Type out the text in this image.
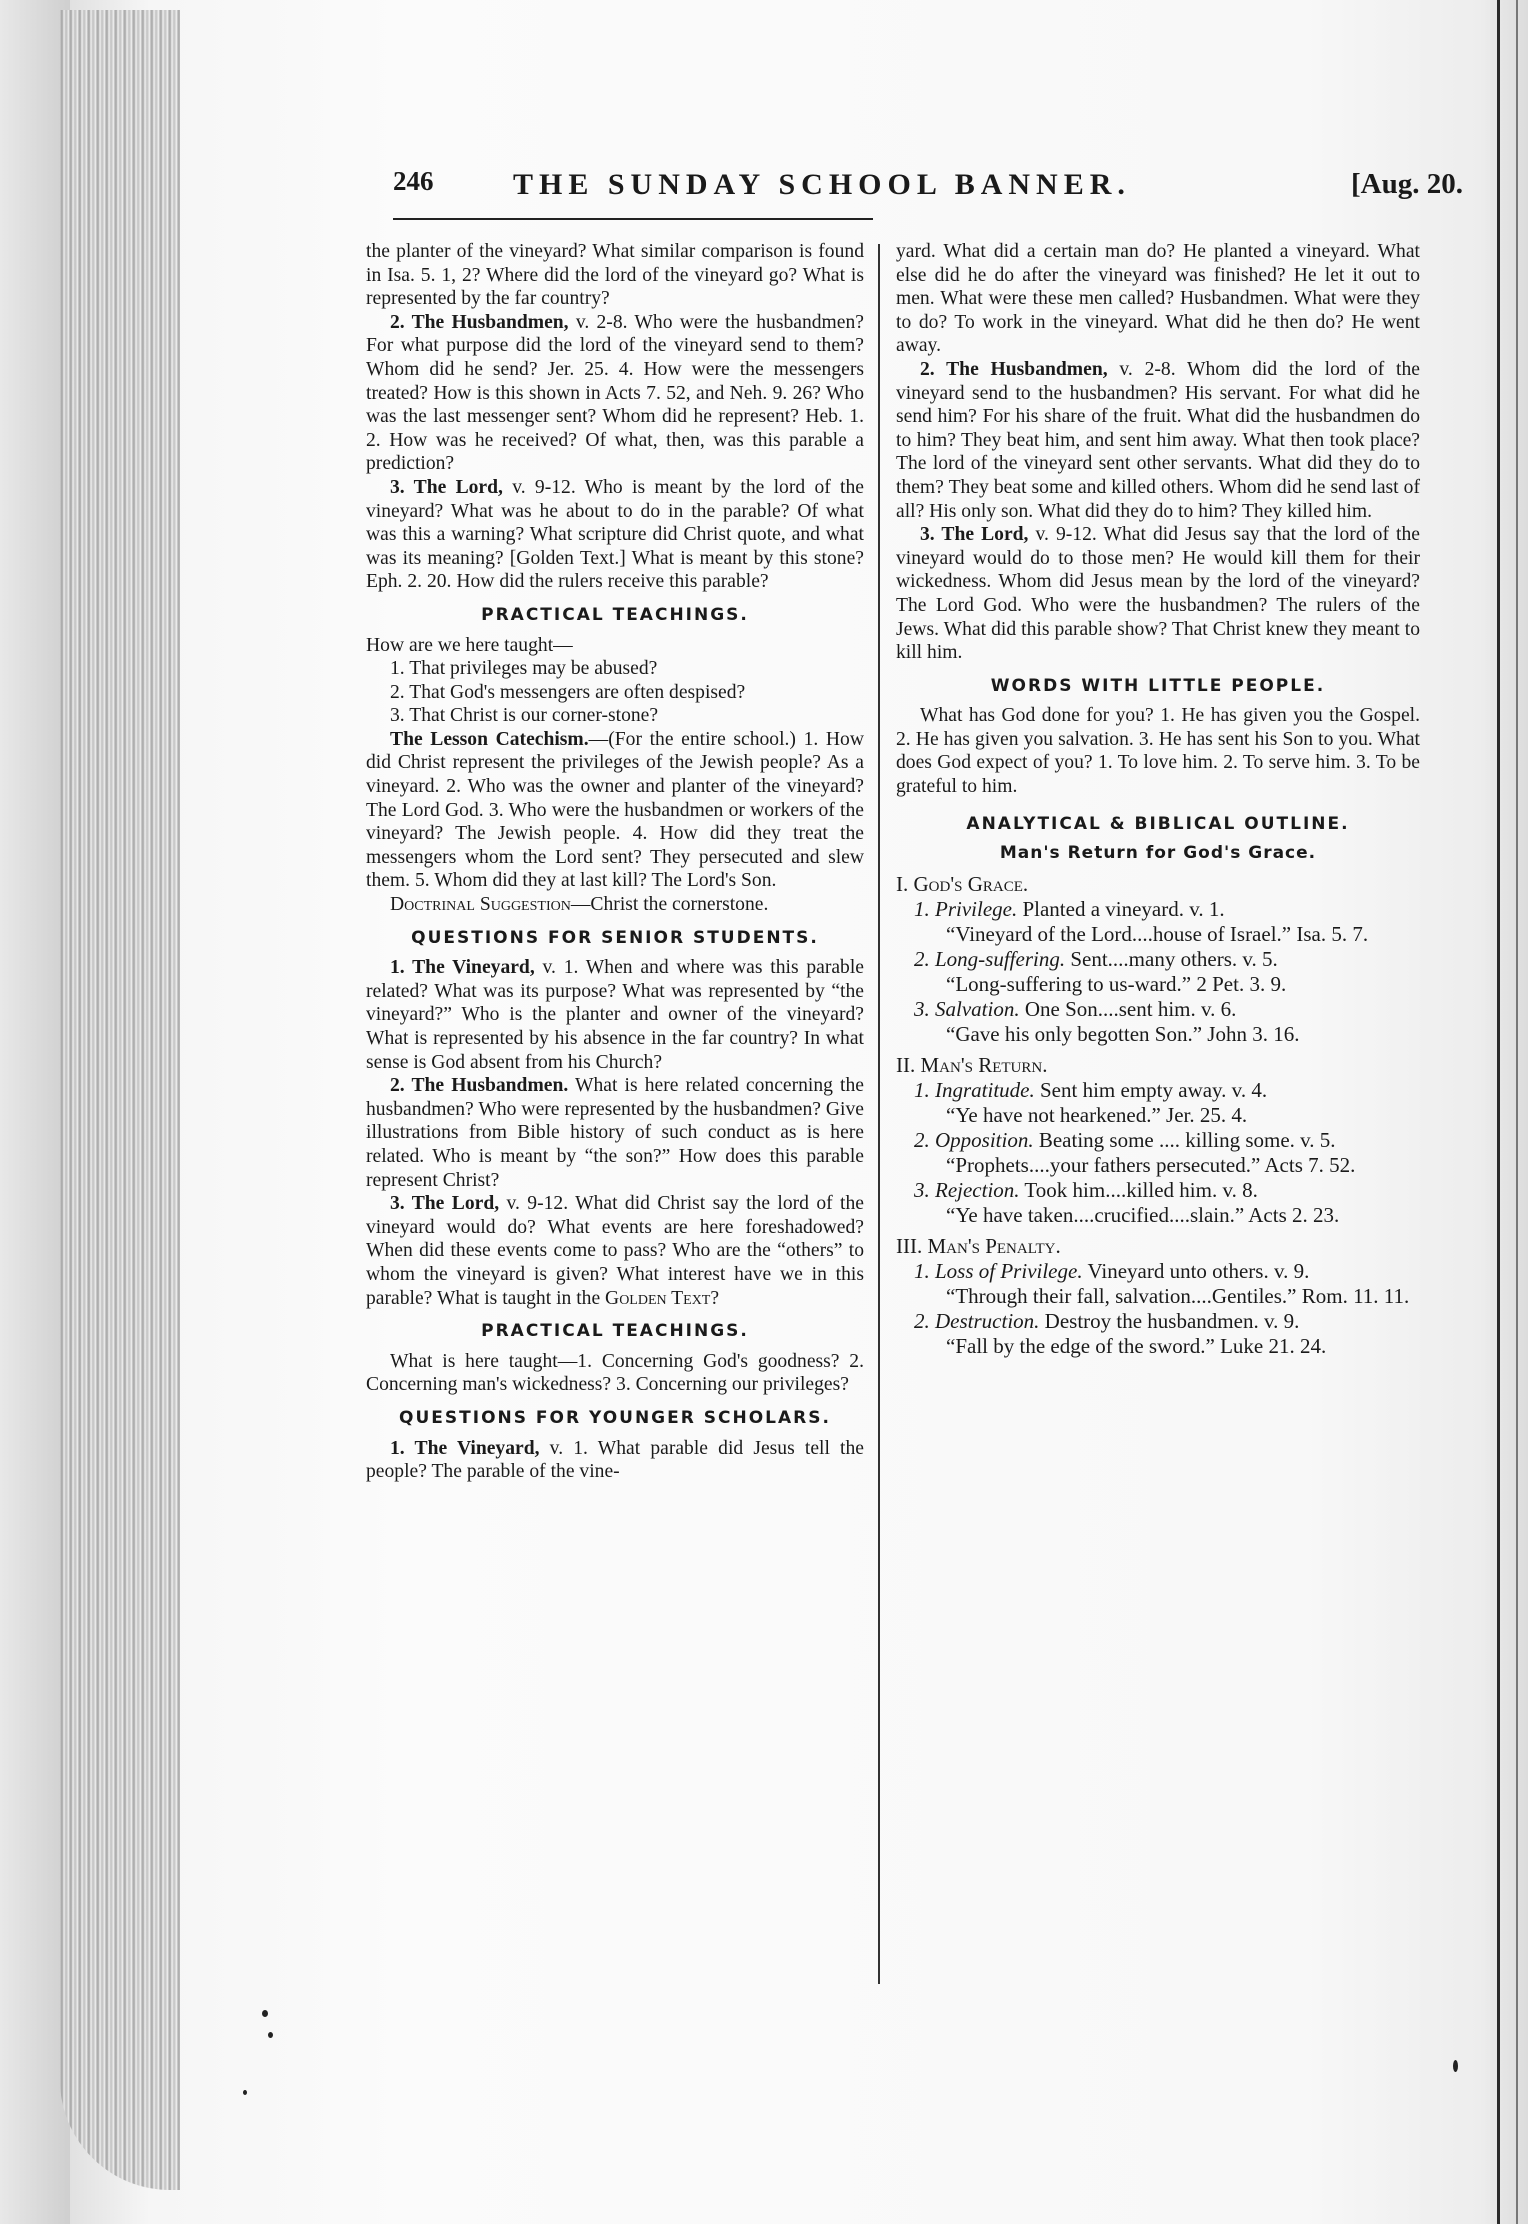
246	THE SUNDAY SCHOOL BANNER.	[Aug. 20.

the planter of the vineyard? What similar comparison is found in Isa. 5. 1, 2? Where did the lord of the vineyard go? What is represented by the far country?

2. The Husbandmen, v. 2-8. Who were the husbandmen? For what purpose did the lord of the vineyard send to them? Whom did he send? Jer. 25. 4. How were the messengers treated? How is this shown in Acts 7. 52, and Neh. 9. 26? Who was the last messenger sent? Whom did he represent? Heb. 1. 2. How was he received? Of what, then, was this parable a prediction?

3. The Lord, v. 9-12. Who is meant by the lord of the vineyard? What was he about to do in the parable? Of what was this a warning? What scripture did Christ quote, and what was its meaning? [Golden Text.] What is meant by this stone? Eph. 2. 20. How did the rulers receive this parable?

PRACTICAL TEACHINGS.

How are we here taught—

1. That privileges may be abused?

2. That God's messengers are often despised?

3. That Christ is our corner-stone?

The Lesson Catechism.—(For the entire school.) 1. How did Christ represent the privileges of the Jewish people? As a vineyard. 2. Who was the owner and planter of the vineyard? The Lord God. 3. Who were the husbandmen or workers of the vineyard? The Jewish people. 4. How did they treat the messengers whom the Lord sent? They persecuted and slew them. 5. Whom did they at last kill? The Lord's Son.

Doctrinal Suggestion—Christ the cornerstone.

QUESTIONS FOR SENIOR STUDENTS.

1. The Vineyard, v. 1. When and where was this parable related? What was its purpose? What was represented by “the vineyard?” Who is the planter and owner of the vineyard? What is represented by his absence in the far country? In what sense is God absent from his Church?

2. The Husbandmen. What is here related concerning the husbandmen? Who were represented by the husbandmen? Give illustrations from Bible history of such conduct as is here related. Who is meant by “the son?” How does this parable represent Christ?

3. The Lord, v. 9-12. What did Christ say the lord of the vineyard would do? What events are here foreshadowed? When did these events come to pass? Who are the “others” to whom the vineyard is given? What interest have we in this parable? What is taught in the Golden Text?

PRACTICAL TEACHINGS.

What is here taught—1. Concerning God's goodness? 2. Concerning man's wickedness? 3. Concerning our privileges?

QUESTIONS FOR YOUNGER SCHOLARS.

1. The Vineyard, v. 1. What parable did Jesus tell the people? The parable of the vine-

yard. What did a certain man do? He planted a vineyard. What else did he do after the vineyard was finished? He let it out to men. What were these men called? Husbandmen. What were they to do? To work in the vineyard. What did he then do? He went away.

2. The Husbandmen, v. 2-8. Whom did the lord of the vineyard send to the husbandmen? His servant. For what did he send him? For his share of the fruit. What did the husbandmen do to him? They beat him, and sent him away. What then took place? The lord of the vineyard sent other servants. What did they do to them? They beat some and killed others. Whom did he send last of all? His only son. What did they do to him? They killed him.

3. The Lord, v. 9-12. What did Jesus say that the lord of the vineyard would do to those men? He would kill them for their wickedness. Whom did Jesus mean by the lord of the vineyard? The Lord God. Who were the husbandmen? The rulers of the Jews. What did this parable show? That Christ knew they meant to kill him.

WORDS WITH LITTLE PEOPLE.

What has God done for you? 1. He has given you the Gospel. 2. He has given you salvation. 3. He has sent his Son to you. What does God expect of you? 1. To love him. 2. To serve him. 3. To be grateful to him.

ANALYTICAL & BIBLICAL OUTLINE.
Man's Return for God's Grace.

I. God's Grace.

1. Privilege. Planted a vineyard. v. 1.

“Vineyard of the Lord....house of Israel.” Isa. 5. 7.

2. Long-suffering. Sent....many others. v. 5.

“Long-suffering to us-ward.” 2 Pet. 3. 9.

3. Salvation. One Son....sent him. v. 6.

“Gave his only begotten Son.” John 3. 16.

II. Man's Return.

1. Ingratitude. Sent him empty away. v. 4.

“Ye have not hearkened.” Jer. 25. 4.

2. Opposition. Beating some .... killing some. v. 5.

“Prophets....your fathers persecuted.” Acts 7. 52.

3. Rejection. Took him....killed him. v. 8.

“Ye have taken....crucified....slain.” Acts 2. 23.

III. Man's Penalty.

1. Loss of Privilege. Vineyard unto others. v. 9.

“Through their fall, salvation....Gentiles.” Rom. 11. 11.

2. Destruction. Destroy the husbandmen. v. 9.

“Fall by the edge of the sword.” Luke 21. 24.
